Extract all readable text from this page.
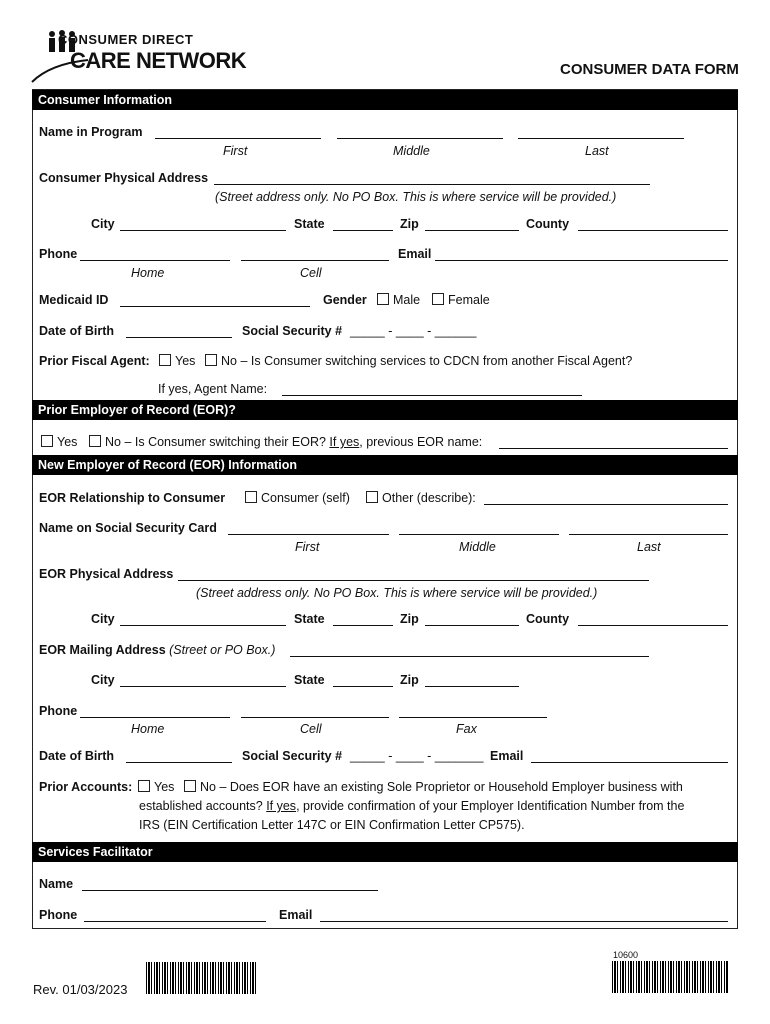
CONSUMER DIRECT
CARE NETWORK	CONSUMER DATA FORM
Consumer Information
Name in Program
First	Middle	Last
Consumer Physical Address
(Street address only. No PO Box. This is where service will be provided.)
City	State	Zip	County
Phone	Email
Home	Cell
Medicaid ID	Gender	Male	Female
Date of Birth	Social Security # _____ - ____ - ______
Prior Fiscal Agent:	Yes	No – Is Consumer switching services to CDCN from another Fiscal Agent?
If yes, Agent Name:
Prior Employer of Record (EOR)?
Yes	No – Is Consumer switching their EOR? If yes, previous EOR name:
New Employer of Record (EOR) Information
EOR Relationship to Consumer	Consumer (self)	Other (describe):
Name on Social Security Card
First	Middle	Last
EOR Physical Address
(Street address only. No PO Box. This is where service will be provided.)
City	State	Zip	County
EOR Mailing Address (Street or PO Box.)
City	State	Zip
Phone
Home	Cell	Fax
Date of Birth	Social Security # _____ - ____ - _______ Email
Prior Accounts:	Yes	No – Does EOR have an existing Sole Proprietor or Household Employer business with
established accounts? If yes, provide confirmation of your Employer Identification Number from the
IRS (EIN Certification Letter 147C or EIN Confirmation Letter CP575).
Services Facilitator
Name
Phone	Email
Rev. 01/03/2023
10600
